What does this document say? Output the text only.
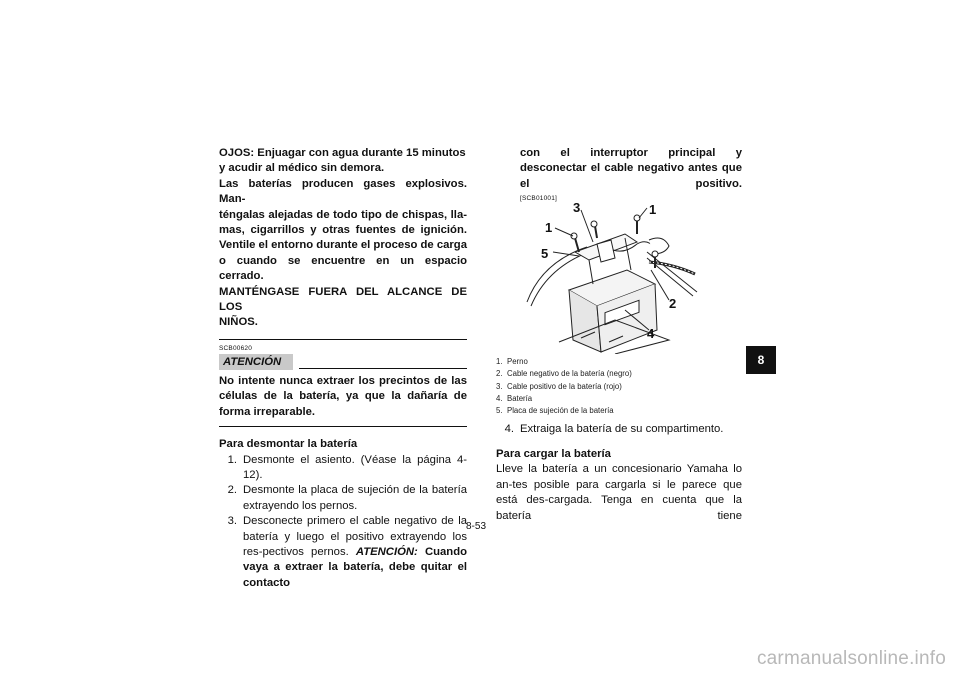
OJOS: Enjuagar con agua durante 15 minutos

y acudir al médico sin demora.

Las baterías producen gases explosivos. Man-

téngalas alejadas de todo tipo de chispas, lla-

mas, cigarrillos y otras fuentes de ignición.

Ventile el entorno durante el proceso de carga

o cuando se encuentre en un espacio cerrado.

MANTÉNGASE FUERA DEL ALCANCE DE LOS

NIÑOS.

SCB00620
ATENCIÓN
No intente nunca extraer los precintos de las células de la batería, ya que la dañaría de forma irreparable.
Para desmontar la batería
1. Desmonte el asiento. (Véase la página 4-12).
2. Desmonte la placa de sujeción de la batería extrayendo los pernos.
3. Desconecte primero el cable negativo de la batería y luego el positivo extrayendo los res-pectivos pernos. ATENCIÓN: Cuando vaya a extraer la batería, debe quitar el contacto
con el interruptor principal y desconectar el cable negativo antes que el positivo.
[SCB01001]
1
3	1
5
2
4
1. Perno
2. Cable negativo de la batería (negro)
3. Cable positivo de la batería (rojo)
4. Batería
5. Placa de sujeción de la batería
4. Extraiga la batería de su compartimento.
Para cargar la batería
Lleve la batería a un concesionario Yamaha lo an-tes posible para cargarla si le parece que está des-cargada. Tenga en cuenta que la batería tiene
8
8-53
carmanualsonline.info
